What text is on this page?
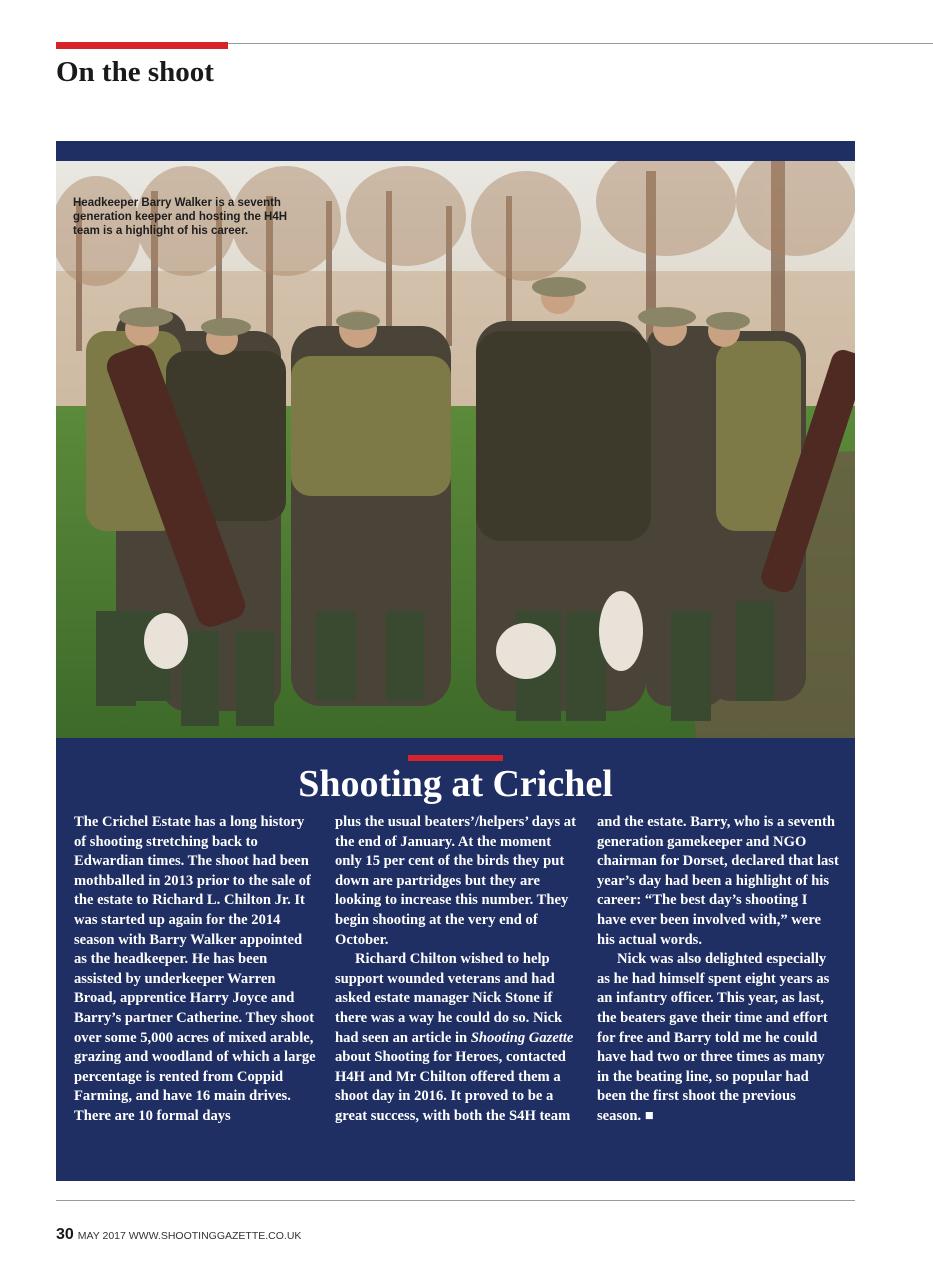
On the shoot
Headkeeper Barry Walker is a seventh generation keeper and hosting the H4H team is a highlight of his career.
Shooting at Crichel

The Crichel Estate has a long history of shooting stretching back to Edwardian times. The shoot had been mothballed in 2013 prior to the sale of the estate to Richard L. Chilton Jr. It was started up again for the 2014 season with Barry Walker appointed as the headkeeper. He has been assisted by underkeeper Warren Broad, apprentice Harry Joyce and Barry’s partner Catherine. They shoot over some 5,000 acres of mixed arable, grazing and woodland of which a large percentage is rented from Coppid Farming, and have 16 main drives. There are 10 formal days

plus the usual beaters’/helpers’ days at the end of January. At the moment only 15 per cent of the birds they put down are partridges but they are looking to increase this number. They begin shooting at the very end of October.

Richard Chilton wished to help support wounded veterans and had asked estate manager Nick Stone if there was a way he could do so. Nick had seen an article in Shooting Gazette about Shooting for Heroes, contacted H4H and Mr Chilton offered them a shoot day in 2016. It proved to be a great success, with both the S4H team

and the estate. Barry, who is a seventh generation gamekeeper and NGO chairman for Dorset, declared that last year’s day had been a highlight of his career: “The best day’s shooting I have ever been involved with,” were his actual words.

Nick was also delighted especially as he had himself spent eight years as an infantry officer. This year, as last, the beaters gave their time and effort for free and Barry told me he could have had two or three times as many in the beating line, so popular had been the first shoot the previous season. ■

30 MAY 2017 WWW.SHOOTINGGAZETTE.CO.UK
